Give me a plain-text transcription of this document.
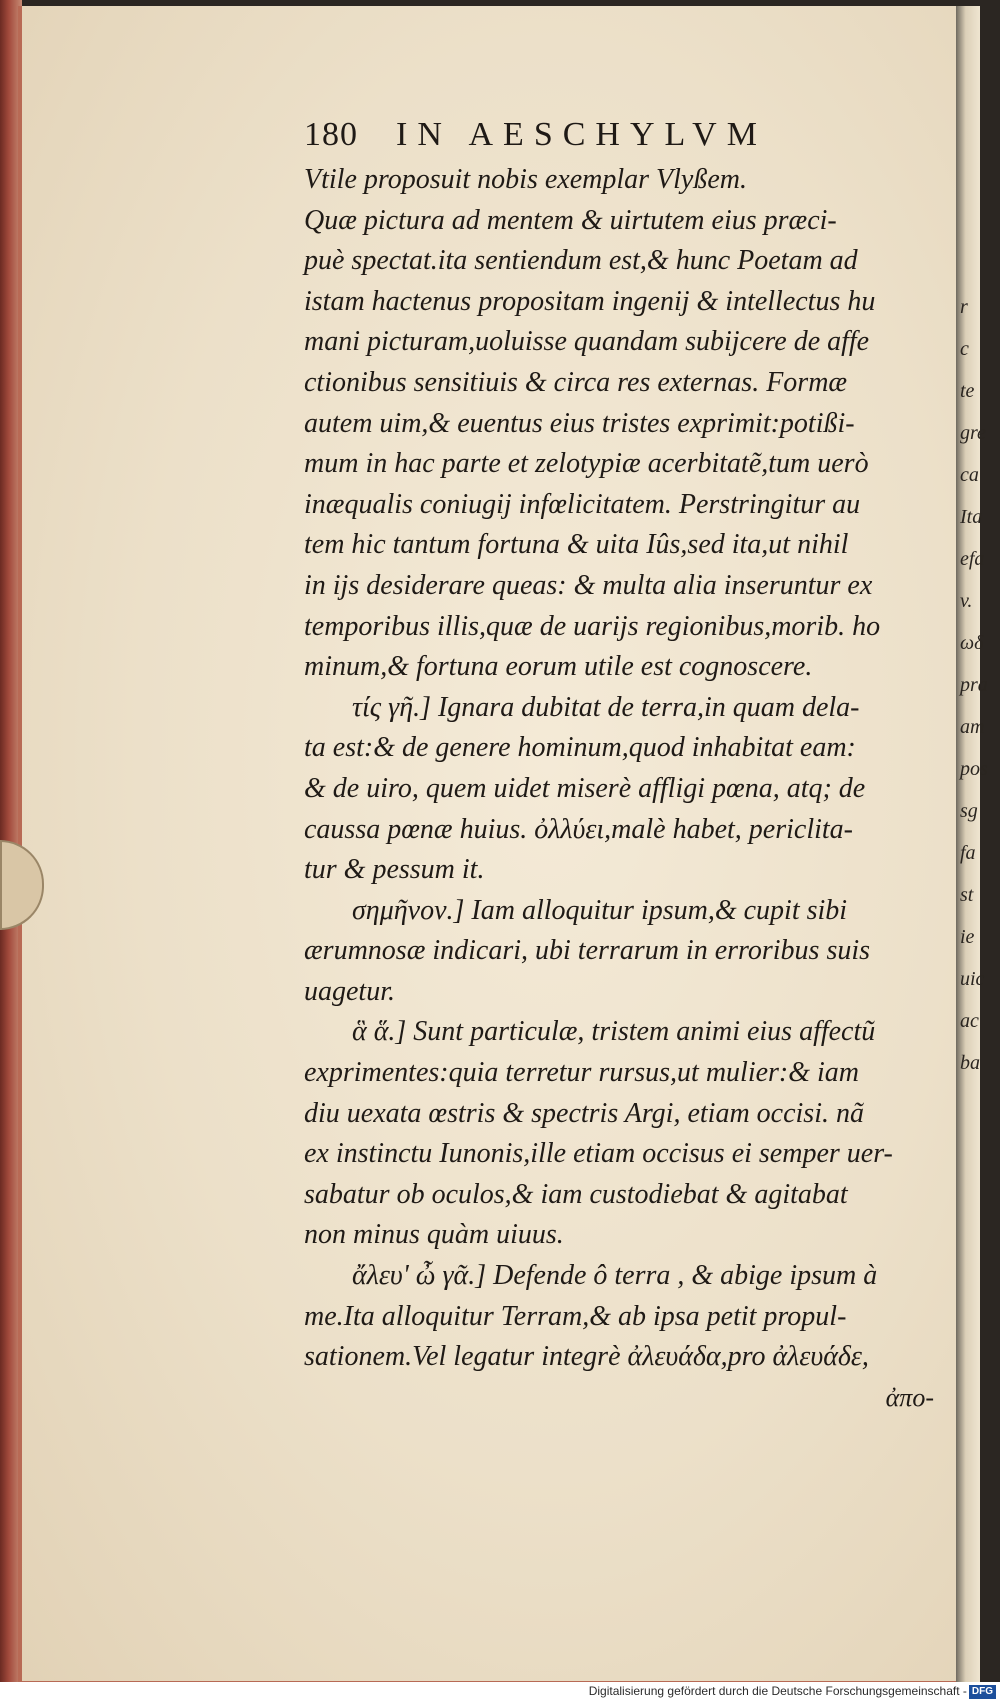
r
c
te
gre
ca
Ita
efa
v.
ωδ
pra
am
pos
sg
fa
st
ie
uic
ac
ba
180 IN AESCHYLVM
Vtile proposuit nobis exemplar Vlyßem.
Quæ pictura ad mentem & uirtutem eius præci-
puè spectat.ita sentiendum est,& hunc Poetam ad
istam hactenus propositam ingenij & intellectus hu
mani picturam,uoluisse quandam subijcere de affe
ctionibus sensitiuis & circa res externas. Formæ
autem uim,& euentus eius tristes exprimit:potißi-
mum in hac parte et zelotypiæ acerbitatẽ,tum uerò
inæqualis coniugij infœlicitatem. Perstringitur au
tem hic tantum fortuna & uita Iûs,sed ita,ut nihil
in ijs desiderare queas: & multa alia inseruntur ex
temporibus illis,quæ de uarijs regionibus,morib. ho
minum,& fortuna eorum utile est cognoscere.
τίς γῆ.] Ignara dubitat de terra,in quam dela-
ta est:& de genere hominum,quod inhabitat eam:
& de uiro, quem uidet miserè affligi pœna, atq; de
caussa pœnæ huius. ὀλλύει,malè habet, periclita-
tur & pessum it.
σημῆνον.] Iam alloquitur ipsum,& cupit sibi
ærumnosæ indicari, ubi terrarum in erroribus suis
uagetur.
ἃ ἅ.] Sunt particulæ, tristem animi eius affectũ
exprimentes:quia terretur rursus,ut mulier:& iam
diu uexata œstris & spectris Argi, etiam occisi. nã
ex instinctu Iunonis,ille etiam occisus ei semper uer-
sabatur ob oculos,& iam custodiebat & agitabat
non minus quàm uiuus.
ἄλευ' ὦ γᾶ.] Defende ô terra , & abige ipsum à
me.Ita alloquitur Terram,& ab ipsa petit propul-
sationem.Vel legatur integrè ἀλευάδα,pro ἀλευάδε,
ἀπο-
Digitalisierung gefördert durch die Deutsche Forschungsgemeinschaft - DFG
